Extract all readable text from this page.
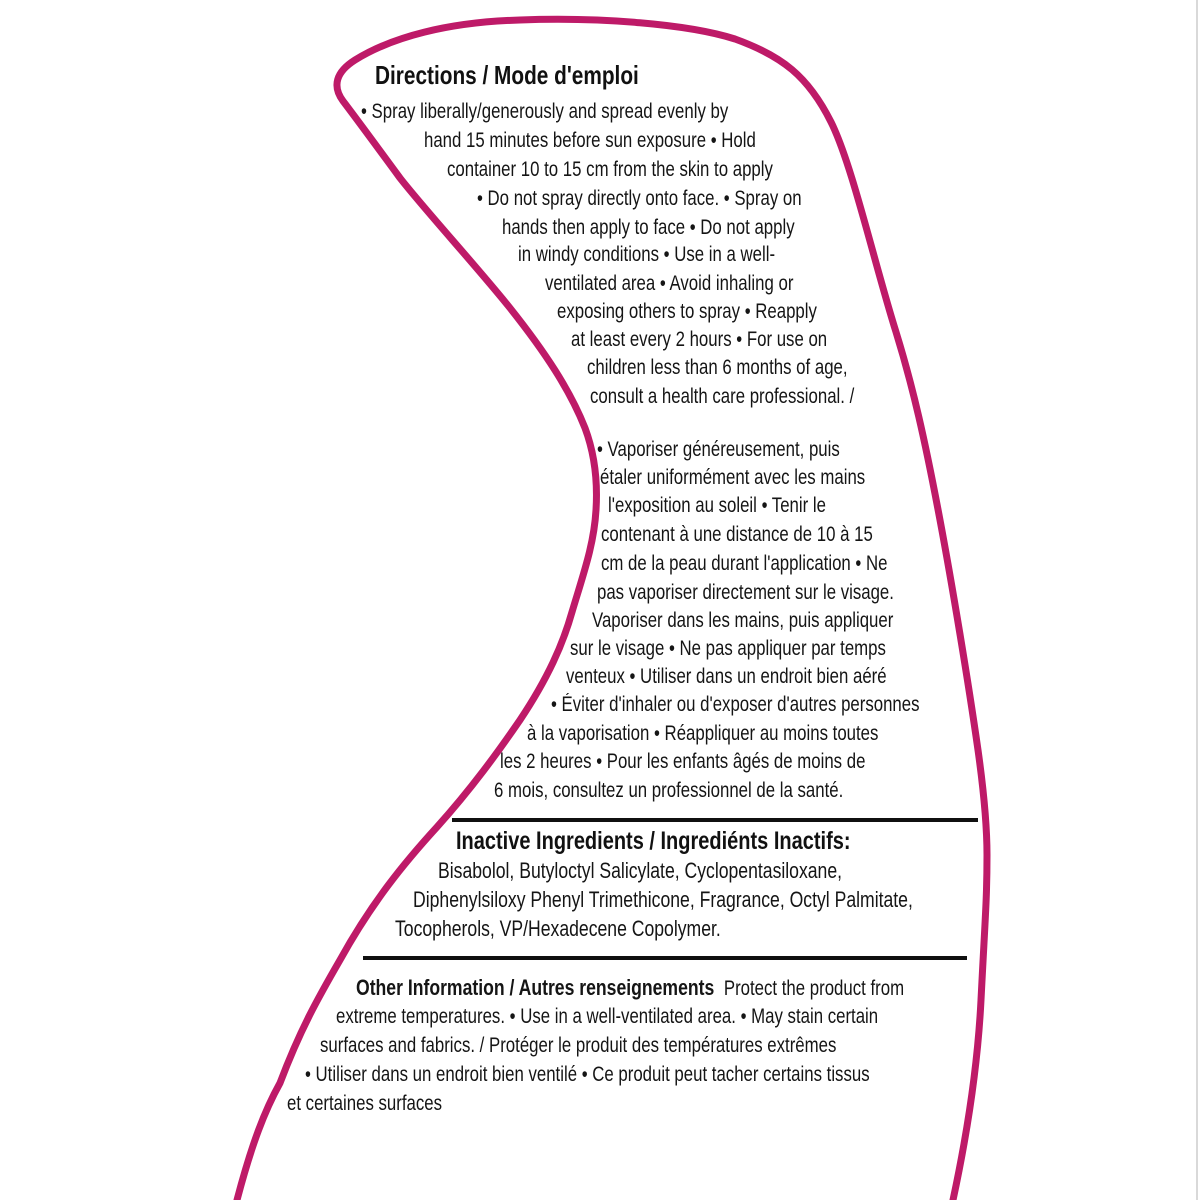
Directions / Mode d'emploi
• Spray liberally/generously and spread evenly by
hand 15 minutes before sun exposure • Hold
container 10 to 15 cm from the skin to apply
• Do not spray directly onto face. • Spray on
hands then apply to face • Do not apply
in windy conditions • Use in a well-
ventilated area • Avoid inhaling or
exposing others to spray • Reapply
at least every 2 hours • For use on
children less than 6 months of age,
consult a health care professional. /
• Vaporiser généreusement, puis
étaler uniformément avec les mains
l'exposition au soleil • Tenir le
contenant à une distance de 10 à 15
cm de la peau durant l'application • Ne
pas vaporiser directement sur le visage.
Vaporiser dans les mains, puis appliquer
sur le visage • Ne pas appliquer par temps
venteux • Utiliser dans un endroit bien aéré
• Éviter d'inhaler ou d'exposer d'autres personnes
à la vaporisation • Réappliquer au moins toutes
les 2 heures • Pour les enfants âgés de moins de
6 mois, consultez un professionnel de la santé.
Inactive Ingredients / Ingrediénts Inactifs:
Bisabolol, Butyloctyl Salicylate, Cyclopentasiloxane,
Diphenylsiloxy Phenyl Trimethicone, Fragrance, Octyl Palmitate,
Tocopherols, VP/Hexadecene Copolymer.
Other Information / Autres renseignements Protect the product from
extreme temperatures. • Use in a well-ventilated area. • May stain certain
surfaces and fabrics. / Protéger le produit des températures extrêmes
• Utiliser dans un endroit bien ventilé • Ce produit peut tacher certains tissus
et certaines surfaces
